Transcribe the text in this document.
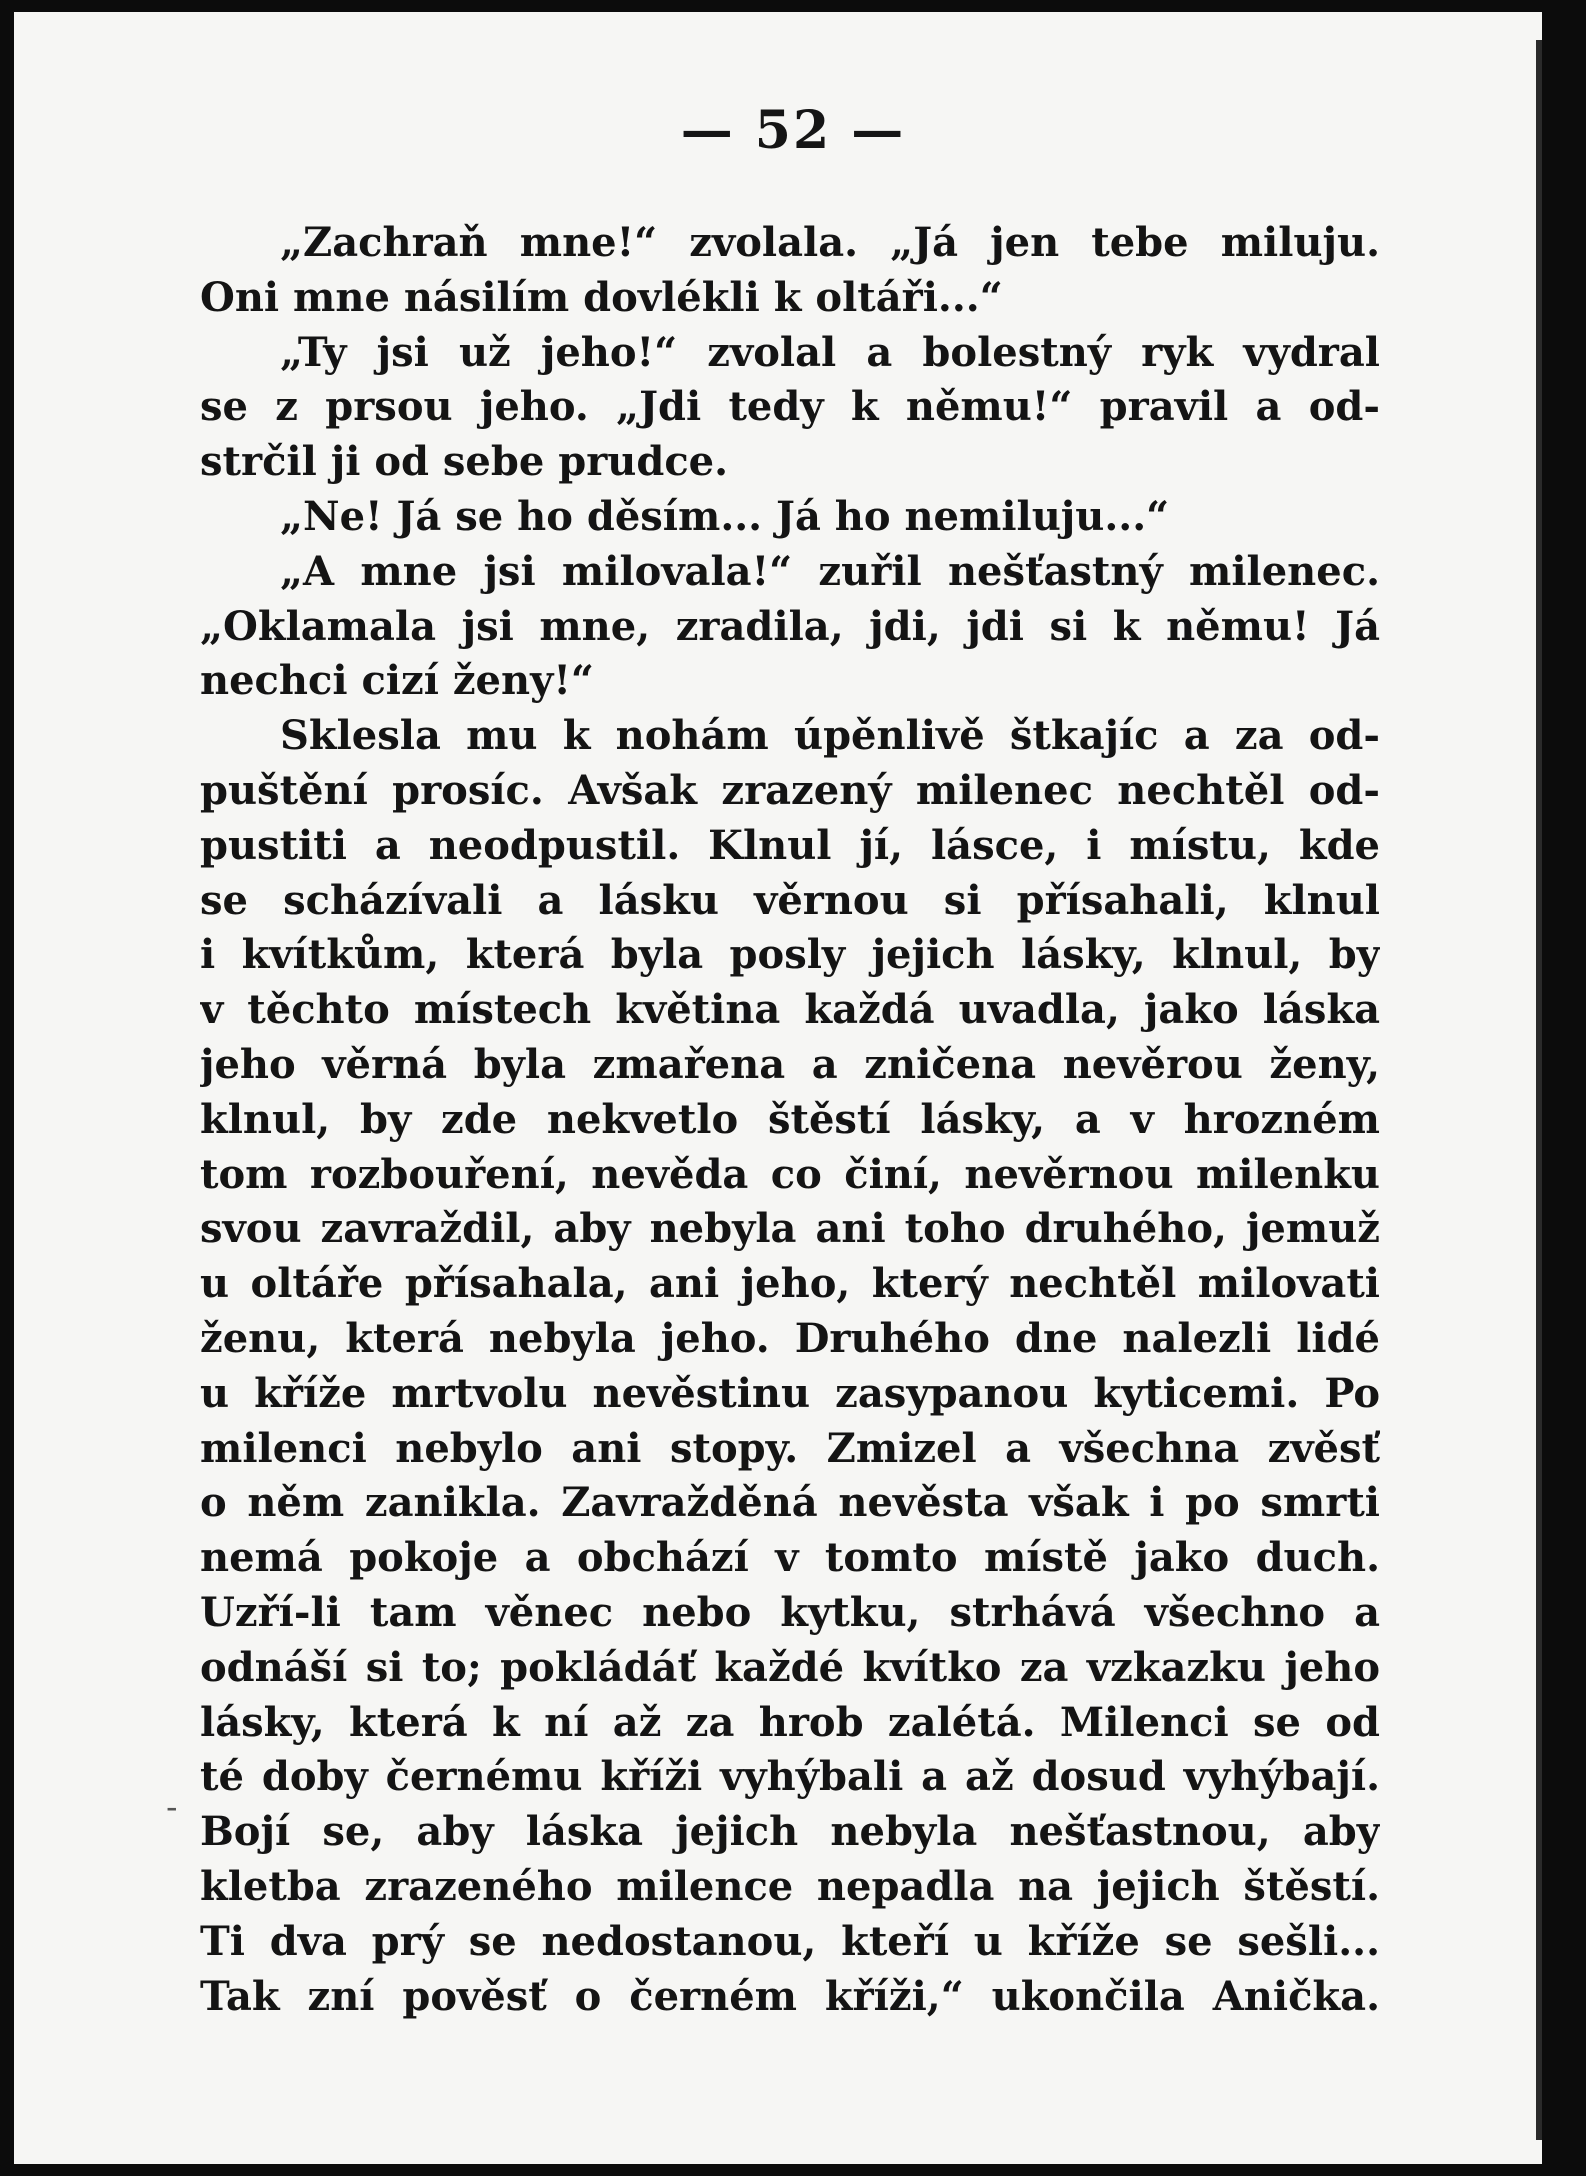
— 52 —
-
„Zachraň mne!“ zvolala. „Já jen tebe miluju.
Oni mne násilím dovlékli k oltáři...“
„Ty jsi už jeho!“ zvolal a bolestný ryk vydral
se z prsou jeho. „Jdi tedy k němu!“ pravil a od-
strčil ji od sebe prudce.
„Ne! Já se ho děsím... Já ho nemiluju...“
„A mne jsi milovala!“ zuřil nešťastný milenec.
„Oklamala jsi mne, zradila, jdi, jdi si k němu! Já
nechci cizí ženy!“
Sklesla mu k nohám úpěnlivě štkajíc a za od-
puštění prosíc. Avšak zrazený milenec nechtěl od-
pustiti a neodpustil. Klnul jí, lásce, i místu, kde
se scházívali a lásku věrnou si přísahali, klnul
i kvítkům, která byla posly jejich lásky, klnul, by
v těchto místech květina každá uvadla, jako láska
jeho věrná byla zmařena a zničena nevěrou ženy,
klnul, by zde nekvetlo štěstí lásky, a v hrozném
tom rozbouření, nevěda co činí, nevěrnou milenku
svou zavraždil, aby nebyla ani toho druhého, jemuž
u oltáře přísahala, ani jeho, který nechtěl milovati
ženu, která nebyla jeho. Druhého dne nalezli lidé
u kříže mrtvolu nevěstinu zasypanou kyticemi. Po
milenci nebylo ani stopy. Zmizel a všechna zvěsť
o něm zanikla. Zavražděná nevěsta však i po smrti
nemá pokoje a obchází v tomto místě jako duch.
Uzří-li tam věnec nebo kytku, strhává všechno a
odnáší si to; pokládáť každé kvítko za vzkazku jeho
lásky, která k ní až za hrob zalétá. Milenci se od
té doby černému kříži vyhýbali a až dosud vyhýbají.
Bojí se, aby láska jejich nebyla nešťastnou, aby
kletba zrazeného milence nepadla na jejich štěstí.
Ti dva prý se nedostanou, kteří u kříže se sešli...
Tak zní pověsť o černém kříži,“ ukončila Anička.
